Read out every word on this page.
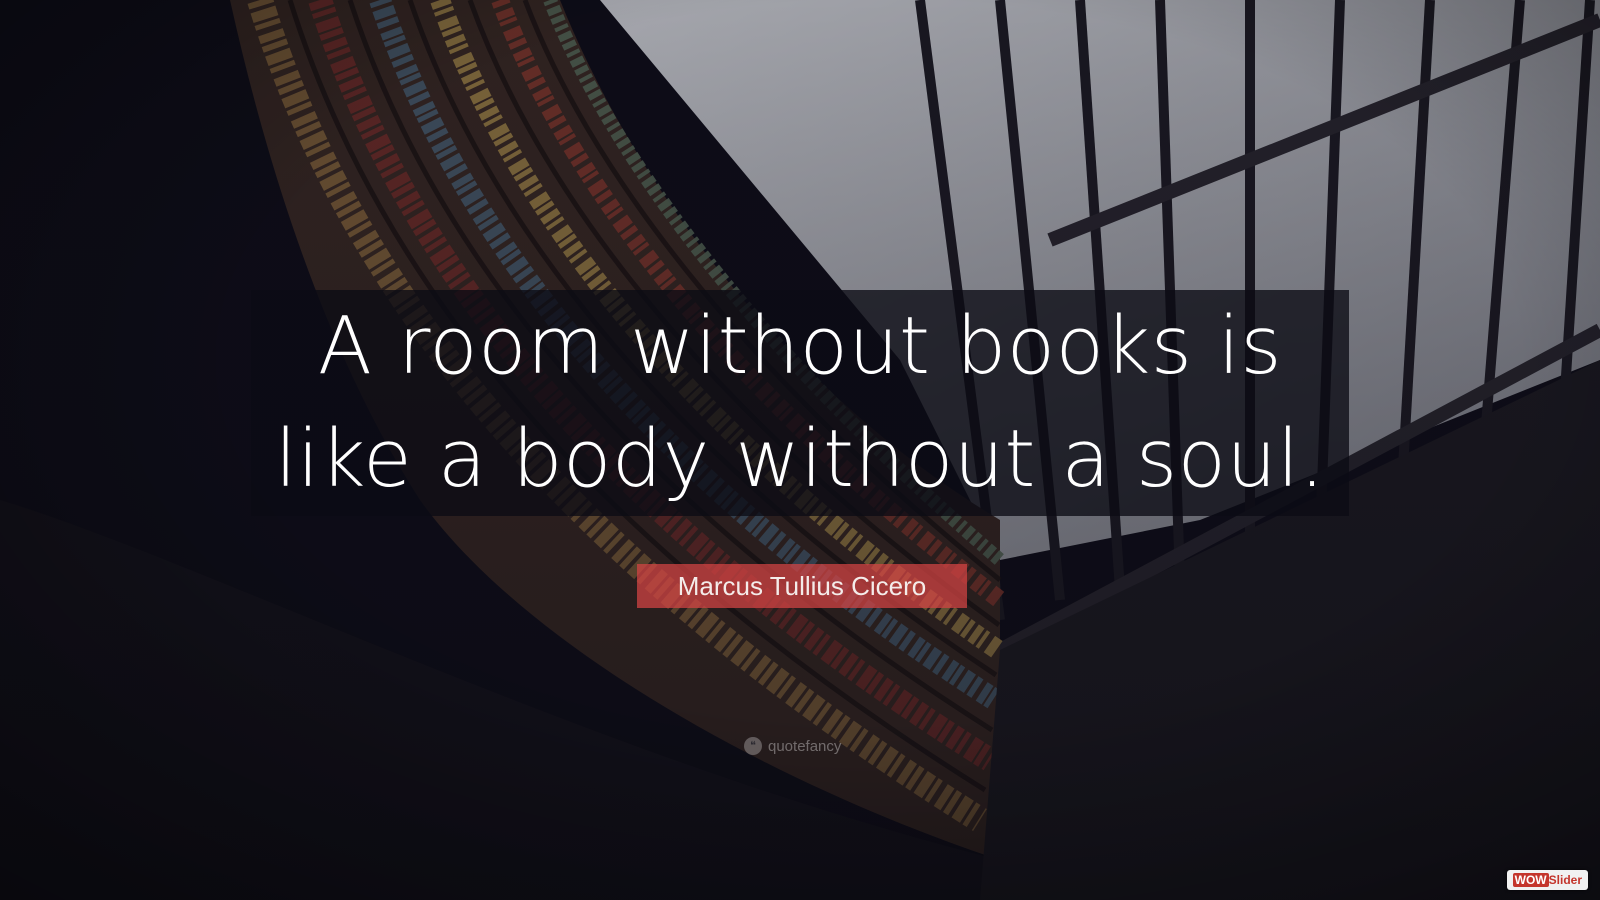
A room without books is
like a body without a soul.
Marcus Tullius Cicero
❝ quotefancy
WOW Slider
